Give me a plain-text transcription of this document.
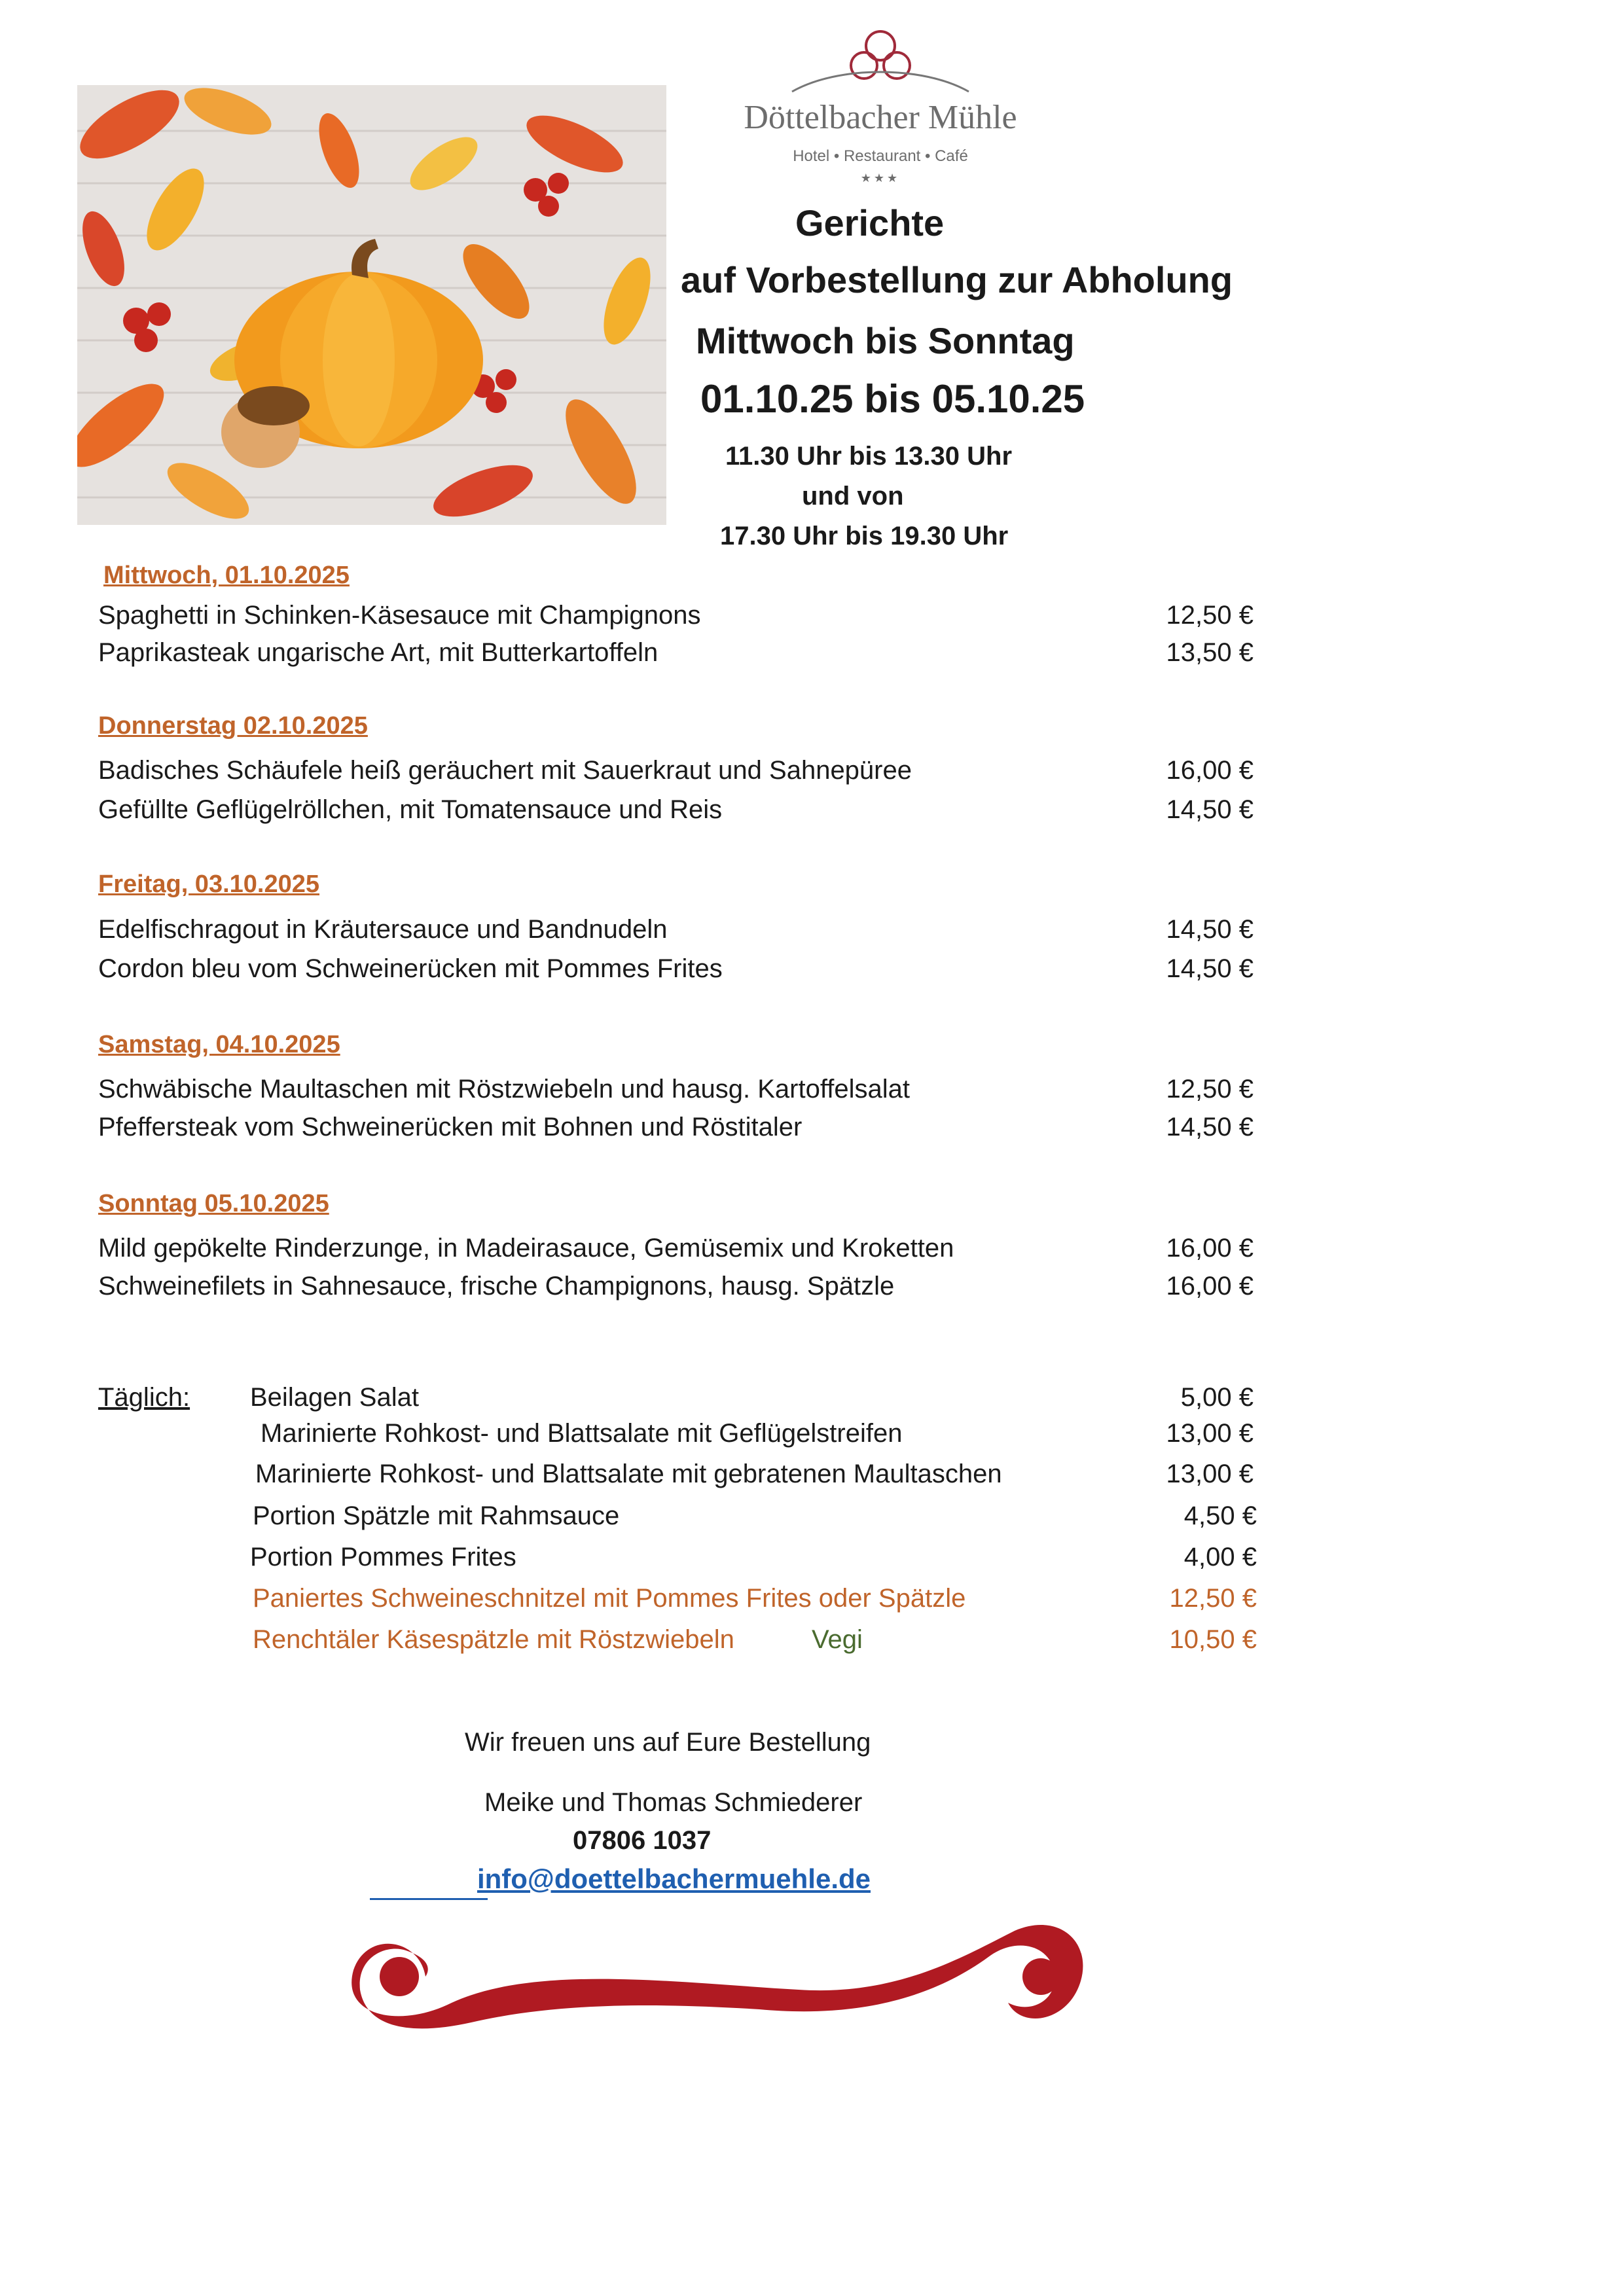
Döttelbacher Mühle
Hotel • Restaurant • Café
★★★
Gerichte
auf Vorbestellung zur Abholung
Mittwoch bis Sonntag
01.10.25 bis 05.10.25
11.30 Uhr bis 13.30 Uhr
und von
17.30 Uhr bis 19.30 Uhr
Mittwoch, 01.10.2025
Spaghetti in Schinken-Käsesauce mit Champignons	12,50 €
Paprikasteak ungarische Art, mit Butterkartoffeln	13,50 €
Donnerstag 02.10.2025
Badisches Schäufele heiß geräuchert mit Sauerkraut und Sahnepüree	16,00 €
Gefüllte Geflügelröllchen, mit Tomatensauce und Reis	14,50 €
Freitag, 03.10.2025
Edelfischragout in Kräutersauce und Bandnudeln	14,50 €
Cordon bleu vom Schweinerücken mit Pommes Frites	14,50 €
Samstag, 04.10.2025
Schwäbische Maultaschen mit Röstzwiebeln und hausg. Kartoffelsalat	12,50 €
Pfeffersteak vom Schweinerücken mit Bohnen und Röstitaler	14,50 €
Sonntag 05.10.2025
Mild gepökelte Rinderzunge, in Madeirasauce, Gemüsemix und Kroketten	16,00 €
Schweinefilets in Sahnesauce, frische Champignons, hausg. Spätzle	16,00 €
Täglich: Beilagen Salat	5,00 €
Marinierte Rohkost- und Blattsalate mit Geflügelstreifen	13,00 €
Marinierte Rohkost- und Blattsalate mit gebratenen Maultaschen	13,00 €
Portion Spätzle mit Rahmsauce	4,50 €
Portion Pommes Frites	4,00 €
Paniertes Schweineschnitzel mit Pommes Frites oder Spätzle	12,50 €
Renchtäler Käsespätzle mit Röstzwiebeln	Vegi	10,50 €
Wir freuen uns auf Eure Bestellung
Meike und Thomas Schmiederer
07806 1037
info@doettelbachermuehle.de
